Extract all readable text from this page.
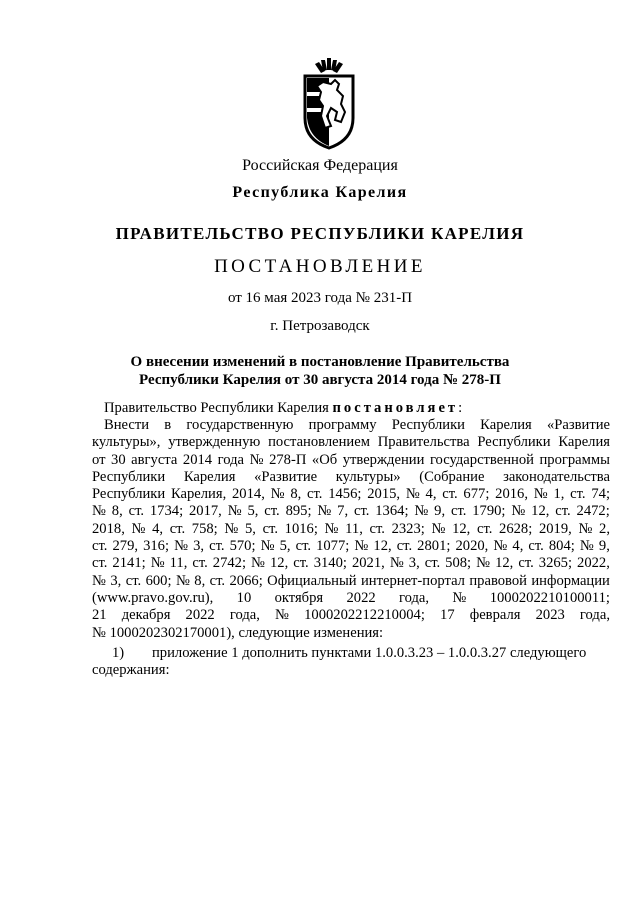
Российская Федерация
Республика Карелия
ПРАВИТЕЛЬСТВО РЕСПУБЛИКИ КАРЕЛИЯ
ПОСТАНОВЛЕНИЕ
от 16 мая 2023 года № 231-П
г. Петрозаводск
О внесении изменений в постановление Правительства
Республики Карелия от 30 августа 2014 года № 278-П
Правительство Республики Карелия постановляет:
Внести в государственную программу Республики Карелия «Развитие
культуры», утвержденную постановлением Правительства Республики Карелия
от 30 августа 2014 года № 278-П «Об утверждении государственной программы
Республики Карелия «Развитие культуры» (Собрание законодательства
Республики Карелия, 2014, № 8, ст. 1456; 2015, № 4, ст. 677; 2016, № 1, ст. 74;
№ 8, ст. 1734; 2017, № 5, ст. 895; № 7, ст. 1364; № 9, ст. 1790; № 12, ст. 2472;
2018, № 4, ст. 758; № 5, ст. 1016; № 11, ст. 2323; № 12, ст. 2628; 2019, № 2,
ст. 279, 316; № 3, ст. 570; № 5, ст. 1077; № 12, ст. 2801; 2020, № 4, ст. 804; № 9,
ст. 2141; № 11, ст. 2742; № 12, ст. 3140; 2021, № 3, ст. 508; № 12, ст. 3265; 2022,
№ 3, ст. 600; № 8, ст. 2066; Официальный интернет-портал правовой информации
(www.pravo.gov.ru), 10 октября 2022 года, № 1000202210100011;
21 декабря 2022 года, № 1000202212210004; 17 февраля 2023 года,
№ 1000202302170001), следующие изменения:
1) приложение 1 дополнить пунктами 1.0.0.3.23 – 1.0.0.3.27 следующего
содержания:
